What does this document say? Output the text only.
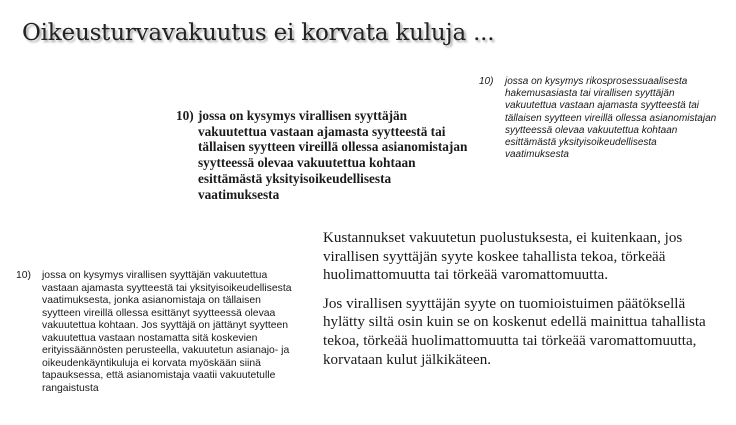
Oikeusturvavakuutus ei korvata kuluja ...
10) jossa on kysymys rikosprosessuaalisesta hakemusasiasta tai virallisen syyttäjän vakuutettua vastaan ajamasta syytteestä tai tällaisen syytteen vireillä ollessa asianomistajan syytteessä olevaa vakuutettua kohtaan esittämästä yksityisoikeudellisesta vaatimuksesta
10) jossa on kysymys virallisen syyttäjän vakuutettua vastaan ajamasta syytteestä tai tällaisen syytteen vireillä ollessa asianomistajan syytteessä olevaa vakuutettua kohtaan esittämästä yksityisoikeudellisesta vaatimuksesta
10) jossa on kysymys virallisen syyttäjän vakuutettua vastaan ajamasta syytteestä tai yksityisoikeudellisesta vaatimuksesta, jonka asianomistaja on tällaisen syytteen vireillä ollessa esittänyt syytteessä olevaa vakuutettua kohtaan. Jos syyttäjä on jättänyt syytteen vakuutettua vastaan nostamatta sitä koskevien erityissäännösten perusteella, vakuutetun asianajo- ja oikeudenkäyntikuluja ei korvata myöskään siinä tapauksessa, että asianomistaja vaatii vakuutetulle rangaistusta

Kustannukset vakuutetun puolustuksesta, ei kuitenkaan, jos virallisen syyttäjän syyte koskee tahallista tekoa, törkeää huolimattomuutta tai törkeää varomattomuutta.

Jos virallisen syyttäjän syyte on tuomioistuimen päätöksellä hylätty siltä osin kuin se on koskenut edellä mainittua tahallista tekoa, törkeää huolimattomuutta tai törkeää varomattomuutta, korvataan kulut jälkikäteen.
